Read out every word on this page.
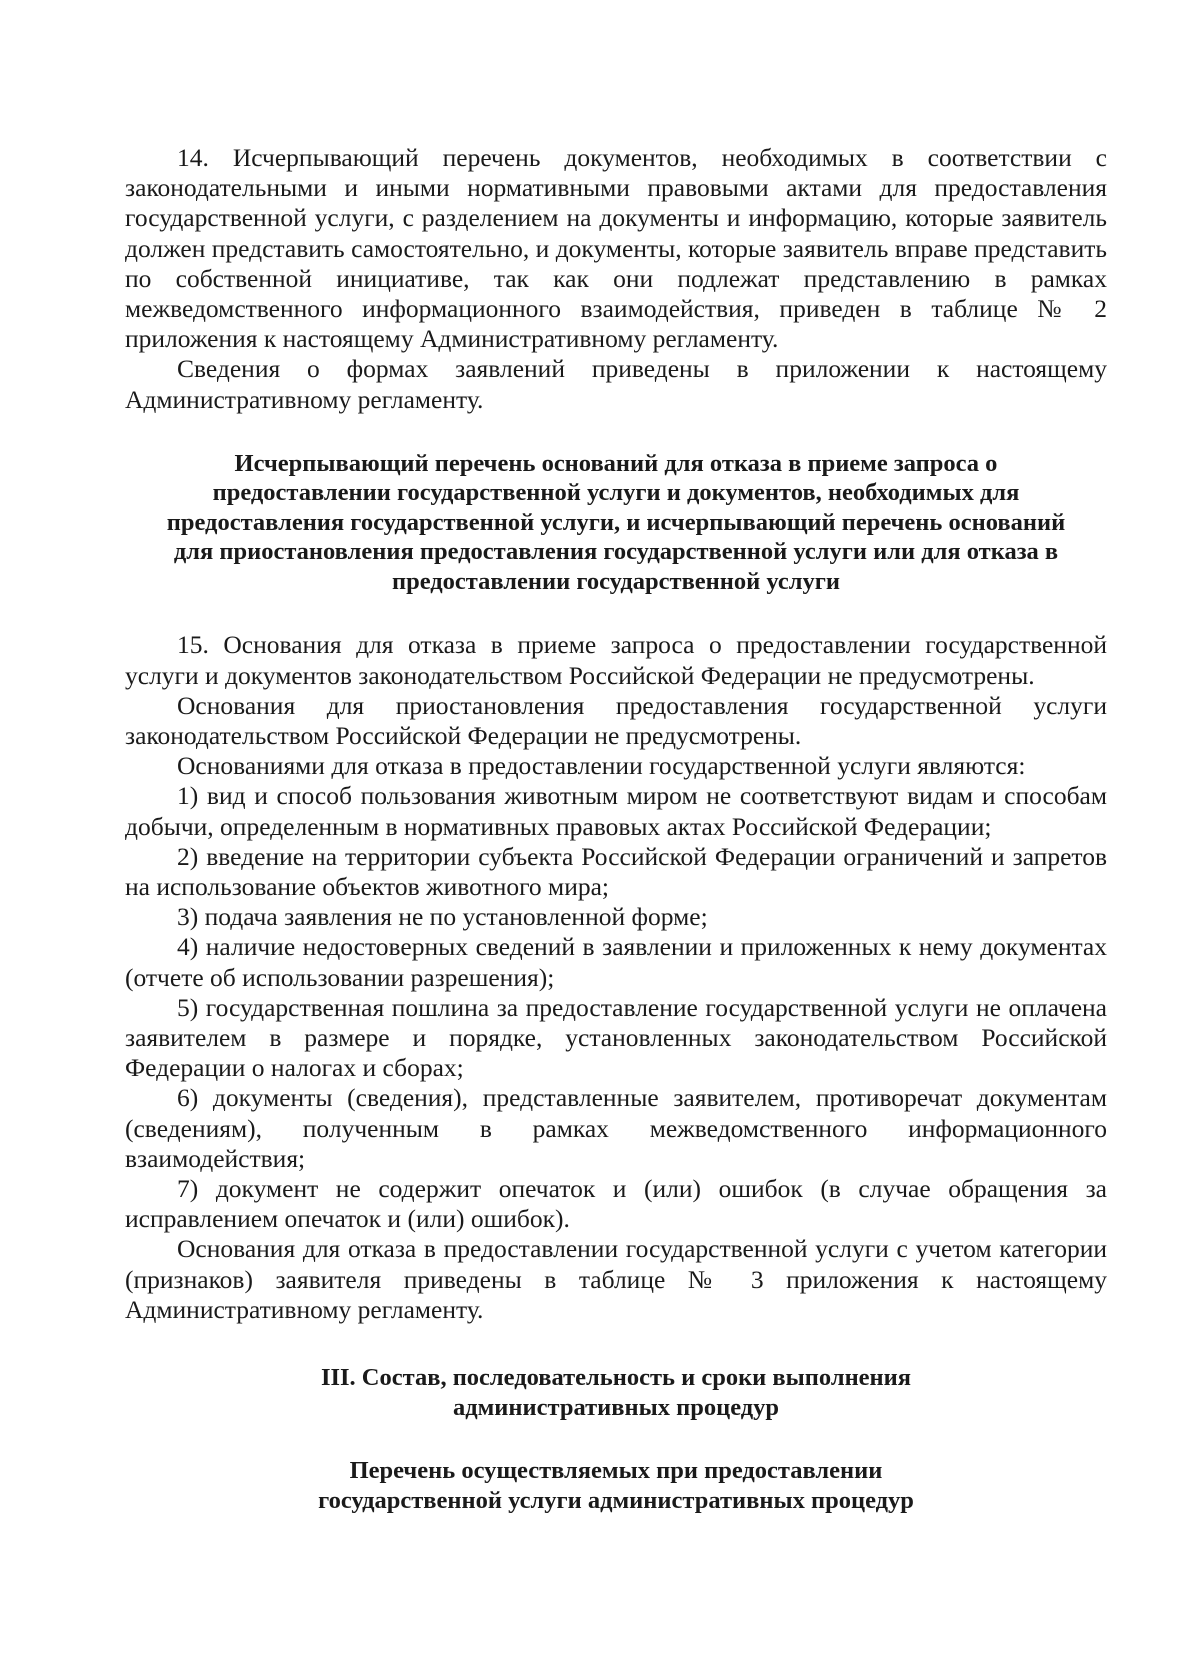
14. Исчерпывающий перечень документов, необходимых в соответствии с законодательными и иными нормативными правовыми актами для предоставления государственной услуги, с разделением на документы и информацию, которые заявитель должен представить самостоятельно, и документы, которые заявитель вправе представить по собственной инициативе, так как они подлежат представлению в рамках межведомственного информационного взаимодействия, приведен в таблице № 2 приложения к настоящему Административному регламенту.

Сведения о формах заявлений приведены в приложении к настоящему Административному регламенту.

Исчерпывающий перечень оснований для отказа в приеме запроса о
предоставлении государственной услуги и документов, необходимых для
предоставления государственной услуги, и исчерпывающий перечень оснований
для приостановления предоставления государственной услуги или для отказа в
предоставлении государственной услуги

15. Основания для отказа в приеме запроса о предоставлении государственной услуги и документов законодательством Российской Федерации не предусмотрены.

Основания для приостановления предоставления государственной услуги законодательством Российской Федерации не предусмотрены.

Основаниями для отказа в предоставлении государственной услуги являются:

1) вид и способ пользования животным миром не соответствуют видам и способам добычи, определенным в нормативных правовых актах Российской Федерации;

2) введение на территории субъекта Российской Федерации ограничений и запретов на использование объектов животного мира;

3) подача заявления не по установленной форме;

4) наличие недостоверных сведений в заявлении и приложенных к нему документах (отчете об использовании разрешения);

5) государственная пошлина за предоставление государственной услуги не оплачена заявителем в размере и порядке, установленных законодательством Российской Федерации о налогах и сборах;

6) документы (сведения), представленные заявителем, противоречат документам (сведениям), полученным в рамках межведомственного информационного взаимодействия;

7) документ не содержит опечаток и (или) ошибок (в случае обращения за исправлением опечаток и (или) ошибок).

Основания для отказа в предоставлении государственной услуги с учетом категории (признаков) заявителя приведены в таблице № 3 приложения к настоящему Административному регламенту.

III. Состав, последовательность и сроки выполнения
административных процедур
Перечень осуществляемых при предоставлении
государственной услуги административных процедур
